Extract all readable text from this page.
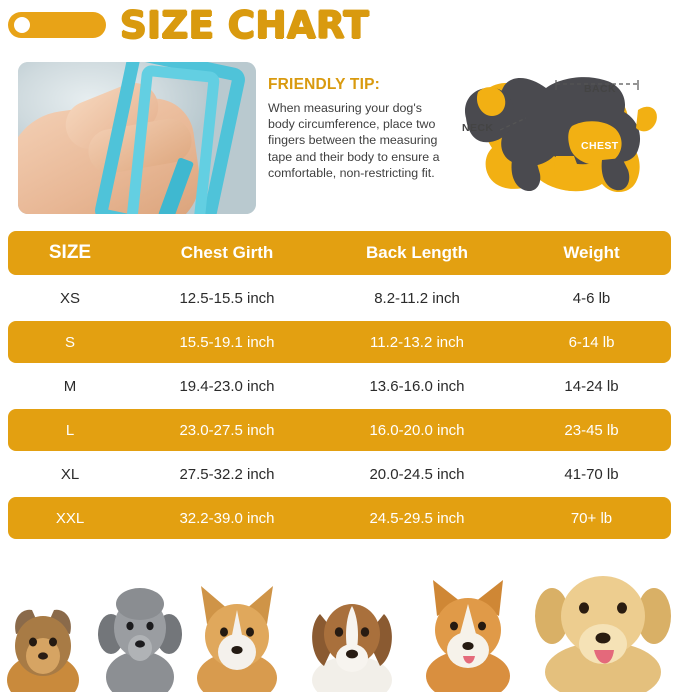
SIZE CHART
FRIENDLY TIP:
When measuring your dog's body circumference, place two fingers between the measuring tape and their body to ensure a comfortable, non-restricting fit.
BACK
NECK
CHEST
SIZE	Chest Girth	Back Length	Weight
XS	12.5-15.5 inch	8.2-11.2 inch	4-6 lb
S	15.5-19.1 inch	11.2-13.2 inch	6-14 lb
M	19.4-23.0 inch	13.6-16.0 inch	14-24 lb
L	23.0-27.5 inch	16.0-20.0 inch	23-45 lb
XL	27.5-32.2 inch	20.0-24.5 inch	41-70 lb
XXL	32.2-39.0 inch	24.5-29.5 inch	70+ lb
